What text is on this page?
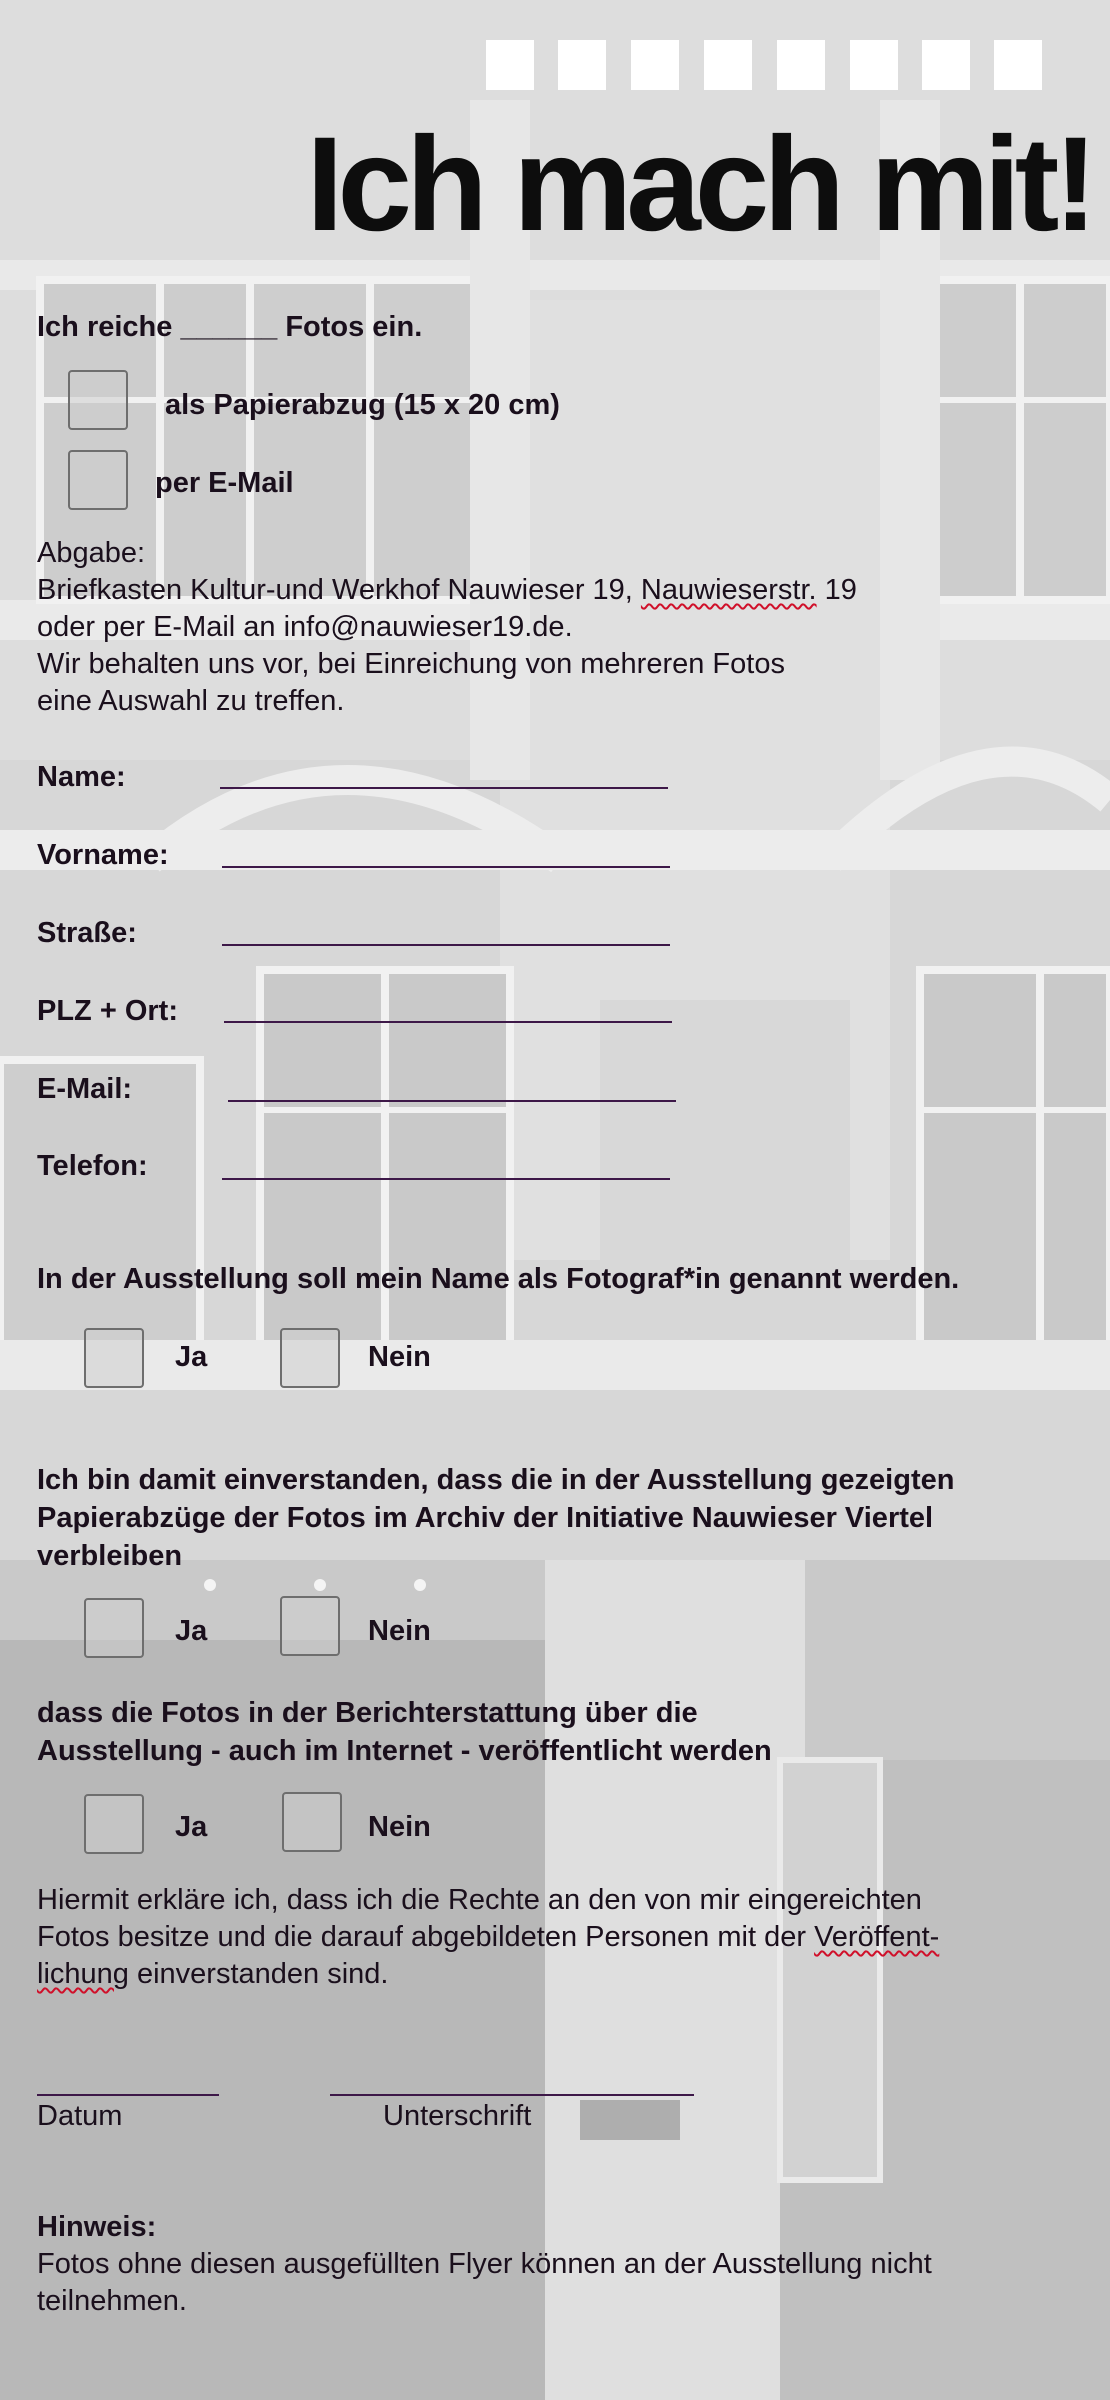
Ich mach mit!
Ich reiche ______ Fotos ein.
als Papierabzug (15 x 20 cm)
per E-Mail
Abgabe:
Briefkasten Kultur-und Werkhof Nauwieser 19, Nauwieserstr. 19
oder per E-Mail an info@nauwieser19.de.
Wir behalten uns vor, bei Einreichung von mehreren Fotos
eine Auswahl zu treffen.
Name:
Vorname:
Straße:
PLZ + Ort:
E-Mail:
Telefon:
In der Ausstellung soll mein Name als Fotograf*in genannt werden.
Ja	Nein
Ich bin damit einverstanden, dass die in der Ausstellung gezeigten
Papierabzüge der Fotos im Archiv der Initiative Nauwieser Viertel
verbleiben
Ja	Nein
dass die Fotos in der Berichterstattung über die
Ausstellung - auch im Internet - veröffentlicht werden
Ja	Nein
Hiermit erkläre ich, dass ich die Rechte an den von mir eingereichten
Fotos besitze und die darauf abgebildeten Personen mit der Veröffent-
lichung einverstanden sind.
Datum	Unterschrift
Hinweis:
Fotos ohne diesen ausgefüllten Flyer können an der Ausstellung nicht
teilnehmen.
